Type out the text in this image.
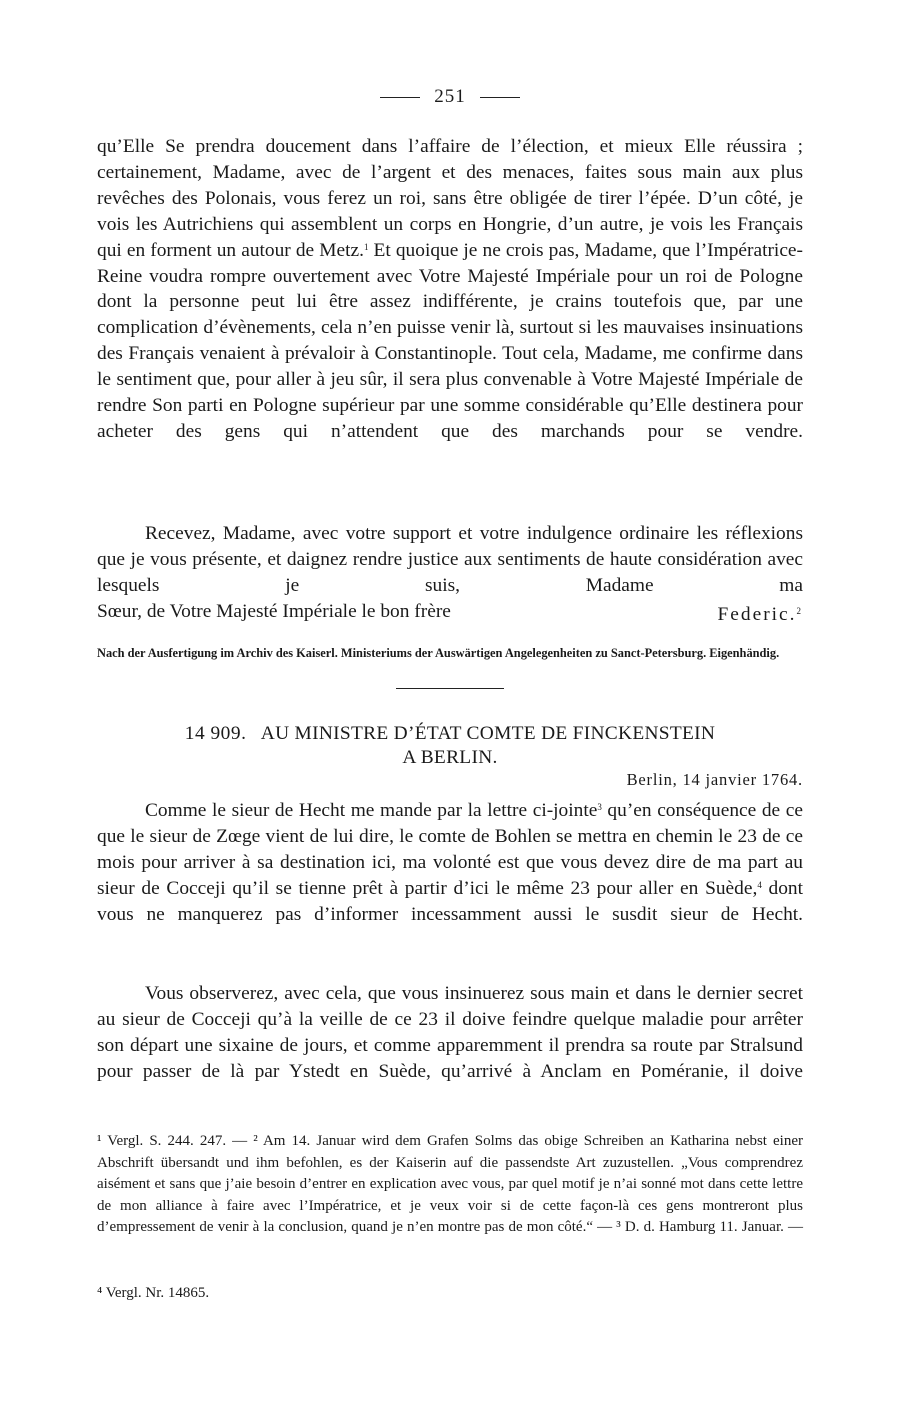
251

qu’Elle Se prendra doucement dans l’affaire de l’élection, et mieux Elle réussira ; certainement, Madame, avec de l’argent et des menaces, faites sous main aux plus revêches des Polonais, vous ferez un roi, sans être obligée de tirer l’épée. D’un côté, je vois les Autrichiens qui assemblent un corps en Hongrie, d’un autre, je vois les Français qui en forment un autour de Metz.$^1$ Et quoique je ne crois pas, Madame, que l’Impératrice-Reine voudra rompre ouvertement avec Votre Majesté Impériale pour un roi de Pologne dont la personne peut lui être assez indifférente, je crains toutefois que, par une complication d’évènements, cela n’en puisse venir là, surtout si les mauvaises insinuations des Français venaient à prévaloir à Constantinople. Tout cela, Madame, me confirme dans le sentiment que, pour aller à jeu sûr, il sera plus convenable à Votre Majesté Impériale de rendre Son parti en Pologne supérieur par une somme considérable qu’Elle destinera pour acheter des gens qui n’attendent que des marchands pour se vendre.

Recevez, Madame, avec votre support et votre indulgence ordinaire les réflexions que je vous présente, et daignez rendre justice aux sentiments de haute considération avec lesquels je suis, Madame ma

Sœur, de Votre Majesté Impériale le bon frère	Federic.$^2$

Nach der Ausfertigung im Archiv des Kaiserl. Ministeriums der Auswärtigen Angelegenheiten zu Sanct-Petersburg. Eigenhändig.

14 909. AU MINISTRE D’ÉTAT COMTE DE FINCKENSTEIN
A BERLIN.
Berlin, 14 janvier 1764.

Comme le sieur de Hecht me mande par la lettre ci-jointe$^3$ qu’en conséquence de ce que le sieur de Zœge vient de lui dire, le comte de Bohlen se mettra en chemin le 23 de ce mois pour arriver à sa destination ici, ma volonté est que vous devez dire de ma part au sieur de Cocceji qu’il se tienne prêt à partir d’ici le même 23 pour aller en Suède,$^4$ dont vous ne manquerez pas d’informer incessamment aussi le susdit sieur de Hecht.

Vous observerez, avec cela, que vous insinuerez sous main et dans le dernier secret au sieur de Cocceji qu’à la veille de ce 23 il doive feindre quelque maladie pour arrêter son départ une sixaine de jours, et comme apparemment il prendra sa route par Stralsund pour passer de là par Ystedt en Suède, qu’arrivé à Anclam en Poméranie, il doive

¹ Vergl. S. 244. 247. — ² Am 14. Januar wird dem Grafen Solms das obige Schreiben an Katharina nebst einer Abschrift übersandt und ihm befohlen, es der Kaiserin auf die passendste Art zuzustellen. „Vous comprendrez aisément et sans que j’aie besoin d’entrer en explication avec vous, par quel motif je n’ai sonné mot dans cette lettre de mon alliance à faire avec l’Impératrice, et je veux voir si de cette façon-là ces gens montreront plus d’empressement de venir à la conclusion, quand je n’en montre pas de mon côté.“ — ³ D. d. Hamburg 11. Januar. —

⁴ Vergl. Nr. 14865.
